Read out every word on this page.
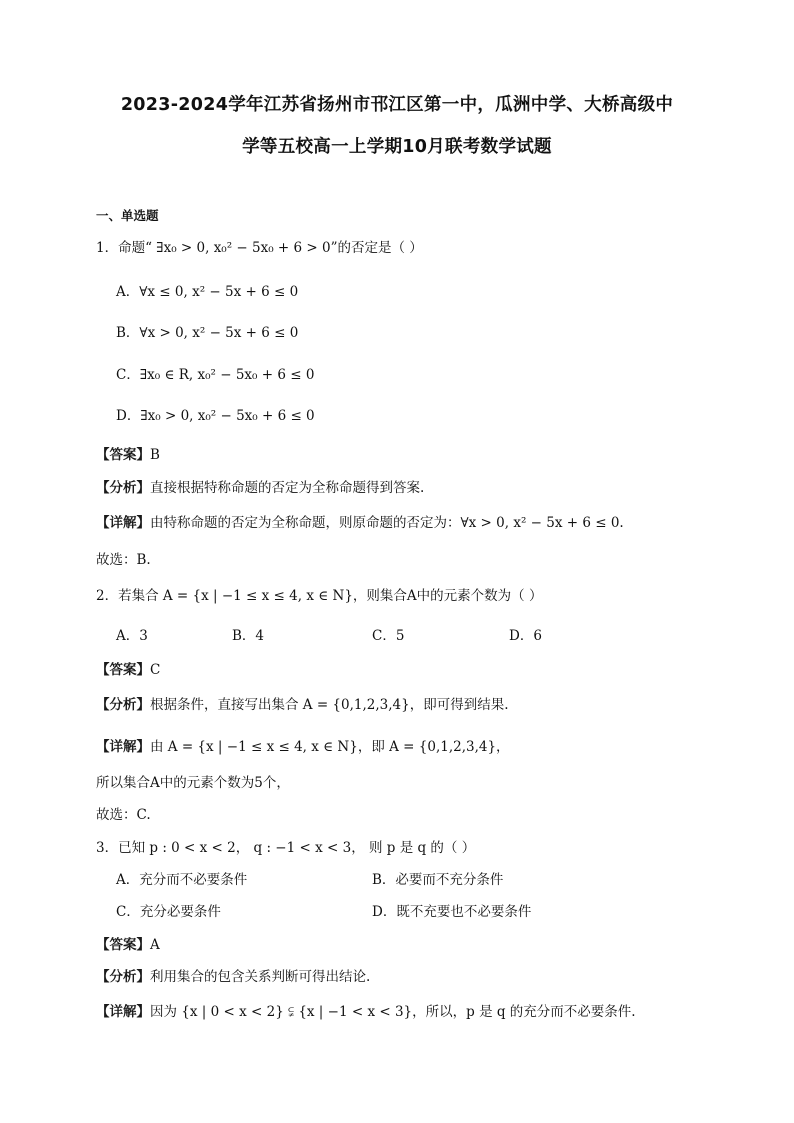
2023-2024学年江苏省扬州市邗江区第一中，瓜洲中学、大桥高级中
学等五校高一上学期10月联考数学试题
一、单选题
1．命题“ ∃x₀ > 0, x₀² − 5x₀ + 6 > 0”的否定是（ ）
A．∀x ≤ 0, x² − 5x + 6 ≤ 0
B．∀x > 0, x² − 5x + 6 ≤ 0
C．∃x₀ ∈ R, x₀² − 5x₀ + 6 ≤ 0
D．∃x₀ > 0, x₀² − 5x₀ + 6 ≤ 0
【答案】B
【分析】直接根据特称命题的否定为全称命题得到答案.
【详解】由特称命题的否定为全称命题，则原命题的否定为：∀x > 0, x² − 5x + 6 ≤ 0.
故选：B.
2．若集合 A = {x | −1 ≤ x ≤ 4, x ∈ N}，则集合A中的元素个数为（ ）
A．3	B．4	C．5	D．6
【答案】C
【分析】根据条件，直接写出集合 A = {0,1,2,3,4}，即可得到结果.
【详解】由 A = {x | −1 ≤ x ≤ 4, x ∈ N}，即 A = {0,1,2,3,4}，
所以集合A中的元素个数为5个，
故选：C.
3．已知 p : 0 < x < 2， q : −1 < x < 3， 则 p 是 q 的（ ）
A．充分而不必要条件	B．必要而不充分条件
C．充分必要条件	D．既不充要也不必要条件
【答案】A
【分析】利用集合的包含关系判断可得出结论.
【详解】因为 {x | 0 < x < 2} ⫋ {x | −1 < x < 3}，所以，p 是 q 的充分而不必要条件.
